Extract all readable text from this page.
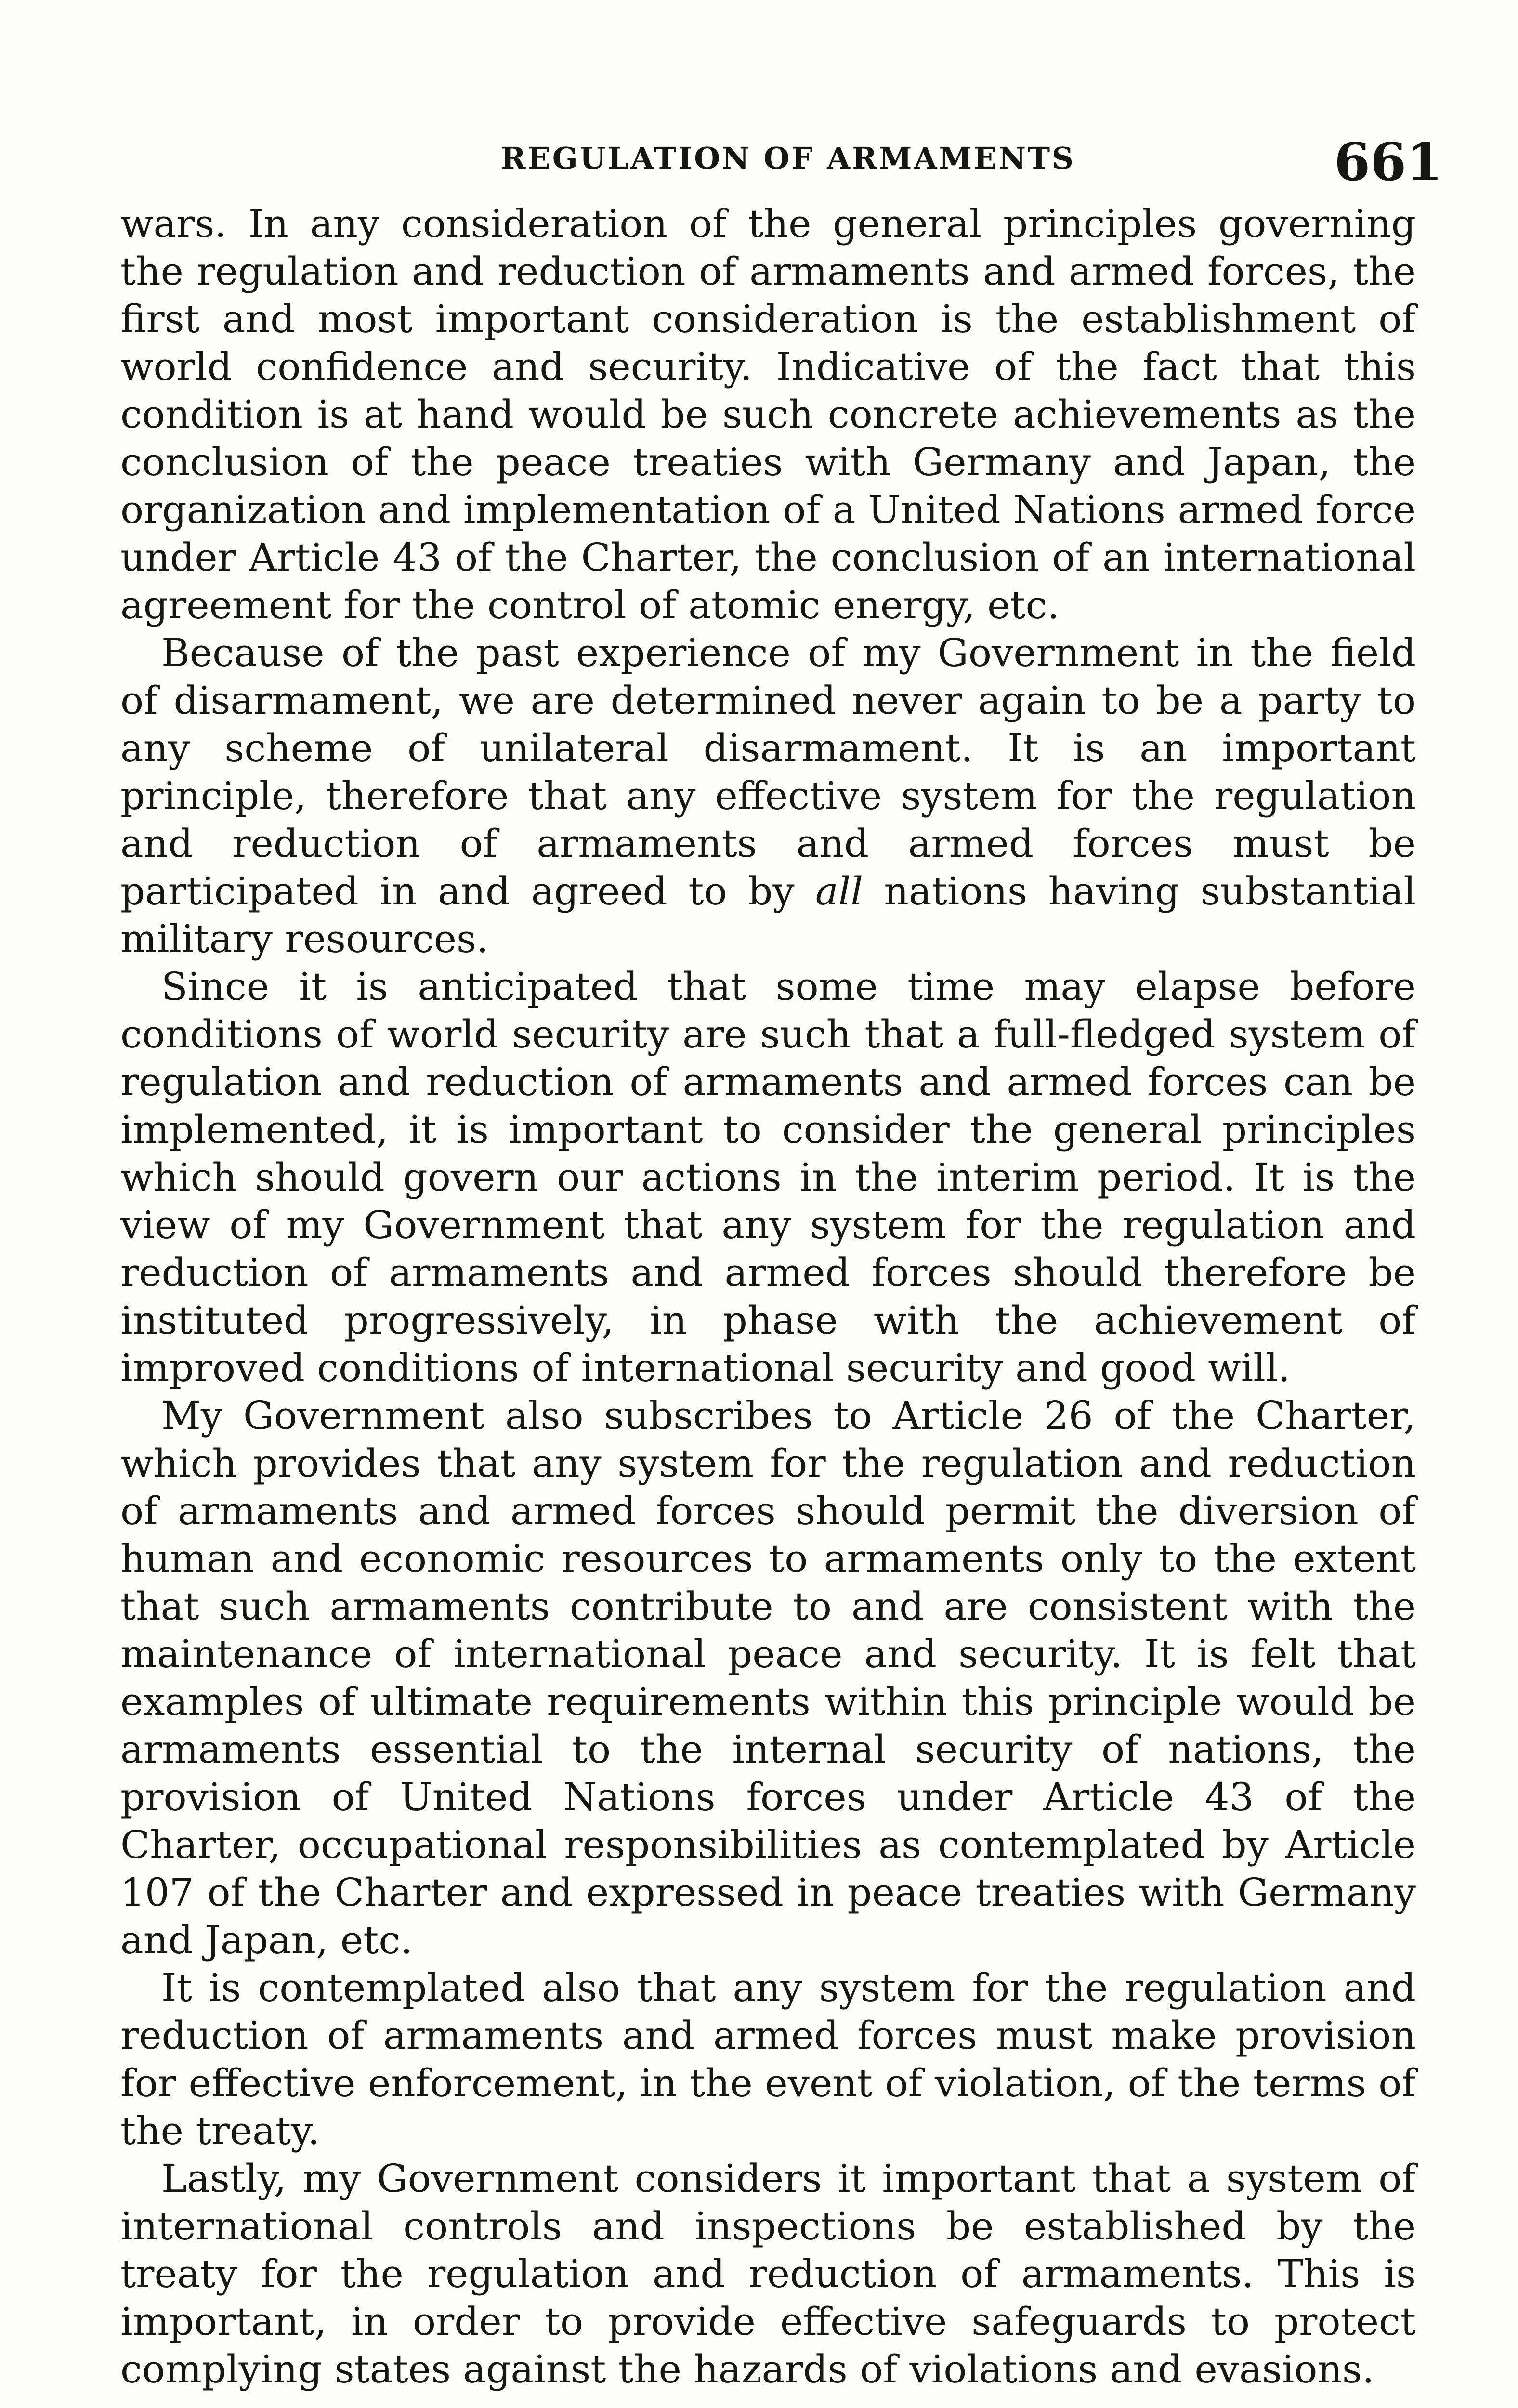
REGULATION OF ARMAMENTS	661

wars. In any consideration of the general principles governing the regulation and reduction of armaments and armed forces, the first and most important consideration is the establishment of world confidence and security. Indicative of the fact that this condition is at hand would be such concrete achievements as the conclusion of the peace treaties with Germany and Japan, the organization and implementation of a United Nations armed force under Article 43 of the Charter, the conclusion of an international agreement for the control of atomic energy, etc.

Because of the past experience of my Government in the field of disarmament, we are determined never again to be a party to any scheme of unilateral disarmament. It is an important principle, therefore that any effective system for the regulation and reduction of armaments and armed forces must be participated in and agreed to by all nations having substantial military resources.

Since it is anticipated that some time may elapse before conditions of world security are such that a full-fledged system of regulation and reduction of armaments and armed forces can be implemented, it is important to consider the general principles which should govern our actions in the interim period. It is the view of my Government that any system for the regulation and reduction of armaments and armed forces should therefore be instituted progressively, in phase with the achievement of improved conditions of international security and good will.

My Government also subscribes to Article 26 of the Charter, which provides that any system for the regulation and reduction of armaments and armed forces should permit the diversion of human and economic resources to armaments only to the extent that such armaments contribute to and are consistent with the maintenance of international peace and security. It is felt that examples of ultimate requirements within this principle would be armaments essential to the internal security of nations, the provision of United Nations forces under Article 43 of the Charter, occupational responsibilities as contemplated by Article 107 of the Charter and expressed in peace treaties with Germany and Japan, etc.

It is contemplated also that any system for the regulation and reduction of armaments and armed forces must make provision for effective enforcement, in the event of violation, of the terms of the treaty.

Lastly, my Government considers it important that a system of international controls and inspections be established by the treaty for the regulation and reduction of armaments. This is important, in order to provide effective safeguards to protect complying states against the hazards of violations and evasions.
